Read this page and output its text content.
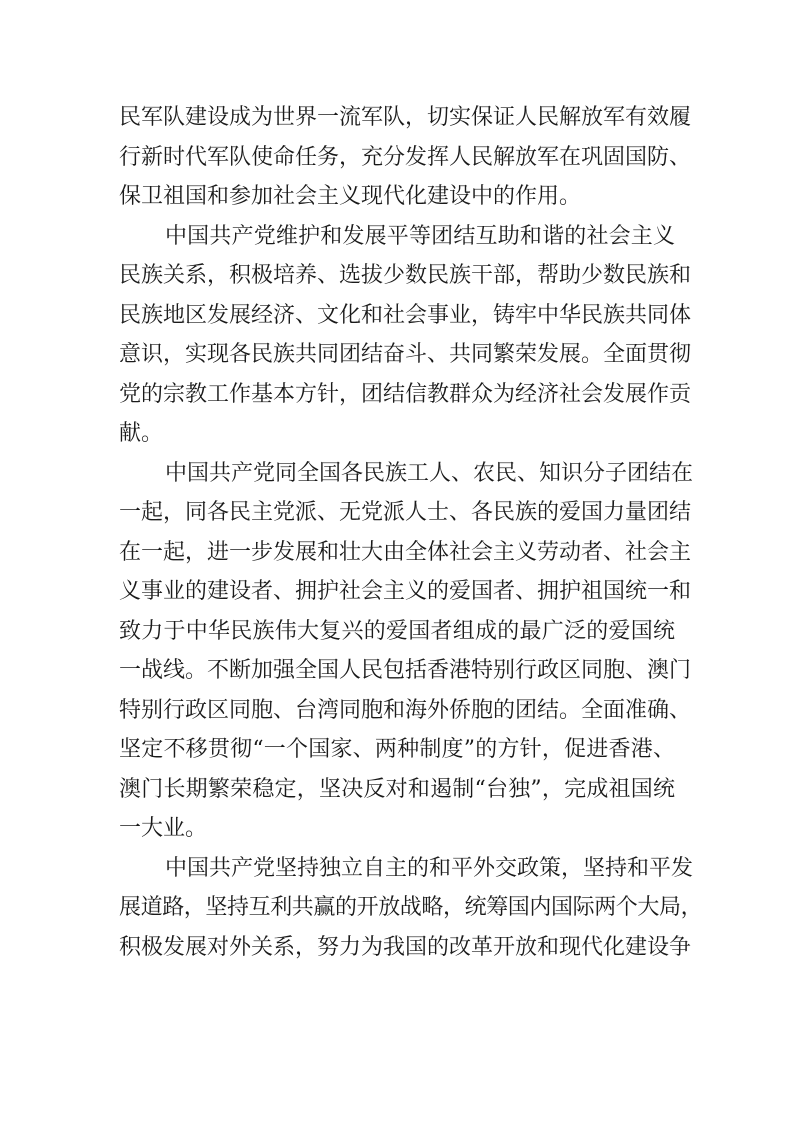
民军队建设成为世界一流军队，切实保证人民解放军有效履
行新时代军队使命任务，充分发挥人民解放军在巩固国防、
保卫祖国和参加社会主义现代化建设中的作用。
中国共产党维护和发展平等团结互助和谐的社会主义
民族关系，积极培养、选拔少数民族干部，帮助少数民族和
民族地区发展经济、文化和社会事业，铸牢中华民族共同体
意识，实现各民族共同团结奋斗、共同繁荣发展。全面贯彻
党的宗教工作基本方针，团结信教群众为经济社会发展作贡
献。
中国共产党同全国各民族工人、农民、知识分子团结在
一起，同各民主党派、无党派人士、各民族的爱国力量团结
在一起，进一步发展和壮大由全体社会主义劳动者、社会主
义事业的建设者、拥护社会主义的爱国者、拥护祖国统一和
致力于中华民族伟大复兴的爱国者组成的最广泛的爱国统
一战线。不断加强全国人民包括香港特别行政区同胞、澳门
特别行政区同胞、台湾同胞和海外侨胞的团结。全面准确、
坚定不移贯彻“一个国家、两种制度”的方针，促进香港、
澳门长期繁荣稳定，坚决反对和遏制“台独”，完成祖国统
一大业。
中国共产党坚持独立自主的和平外交政策，坚持和平发
展道路，坚持互利共赢的开放战略，统筹国内国际两个大局，
积极发展对外关系，努力为我国的改革开放和现代化建设争
